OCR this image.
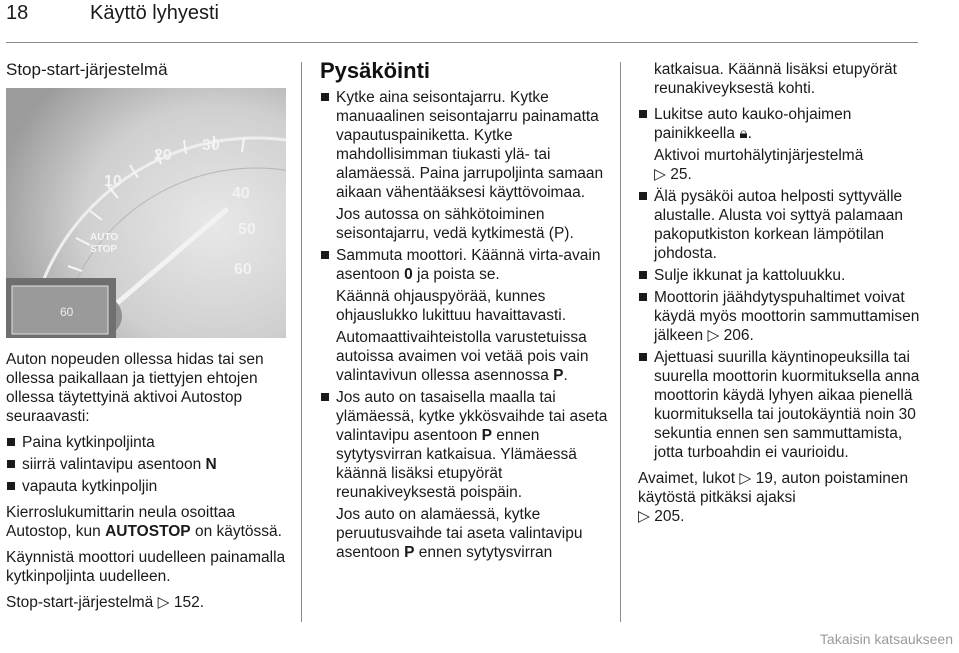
18	Käyttö lyhyesti
Stop-start-järjestelmä
10
20
30
40
50
60
AUTO
STOP
60

Auton nopeuden ollessa hidas tai sen ollessa paikallaan ja tiettyjen ehtojen ollessa täytettyinä aktivoi Autostop seuraavasti:

Paina kytkinpoljinta
siirrä valintavipu asentoon N
vapauta kytkinpoljin

Kierroslukumittarin neula osoittaa Autostop, kun AUTOSTOP on käytössä.

Käynnistä moottori uudelleen painamalla kytkinpoljinta uudelleen.

Stop-start-järjestelmä ▷ 152.

Pysäköinti

Kytke aina seisontajarru. Kytke manuaalinen seisontajarru painamatta vapautuspainiketta. Kytke mahdollisimman tiukasti ylä- tai alamäessä. Paina jarrupoljinta samaan aikaan vähentääksesi käyttövoimaa.

Jos autossa on sähkötoiminen seisontajarru, vedä kytkimestä (P).

Sammuta moottori. Käännä virta-avain asentoon 0 ja poista se.

Käännä ohjauspyörää, kunnes ohjauslukko lukittuu havaittavasti.

Automaattivaihteistolla varustetuissa autoissa avaimen voi vetää pois vain valintavivun ollessa asennossa P.

Jos auto on tasaisella maalla tai ylämäessä, kytke ykkösvaihde tai aseta valintavipu asentoon P ennen sytytysvirran katkaisua. Ylämäessä käännä lisäksi etupyörät reunakiveyksestä poispäin.

Jos auto on alamäessä, kytke peruutusvaihde tai aseta valintavipu asentoon P ennen sytytysvirran

katkaisua. Käännä lisäksi etupyörät reunakiveyksestä kohti.

Lukitse auto kauko-ohjaimen painikkeella 🔒︎.

Aktivoi murtohälytinjärjestelmä
▷ 25.

Älä pysäköi autoa helposti syttyvälle alustalle. Alusta voi syttyä palamaan pakoputkiston korkean lämpötilan johdosta.

Sulje ikkunat ja kattoluukku.

Moottorin jäähdytyspuhaltimet voivat käydä myös moottorin sammuttamisen jälkeen ▷ 206.

Ajettuasi suurilla käyntinopeuksilla tai suurella moottorin kuormituksella anna moottorin käydä lyhyen aikaa pienellä kuormituksella tai joutokäyntiä noin 30 sekuntia ennen sen sammuttamista, jotta turboahdin ei vaurioidu.

Avaimet, lukot ▷ 19, auton poistaminen käytöstä pitkäksi ajaksi
▷ 205.

Takaisin katsaukseen
